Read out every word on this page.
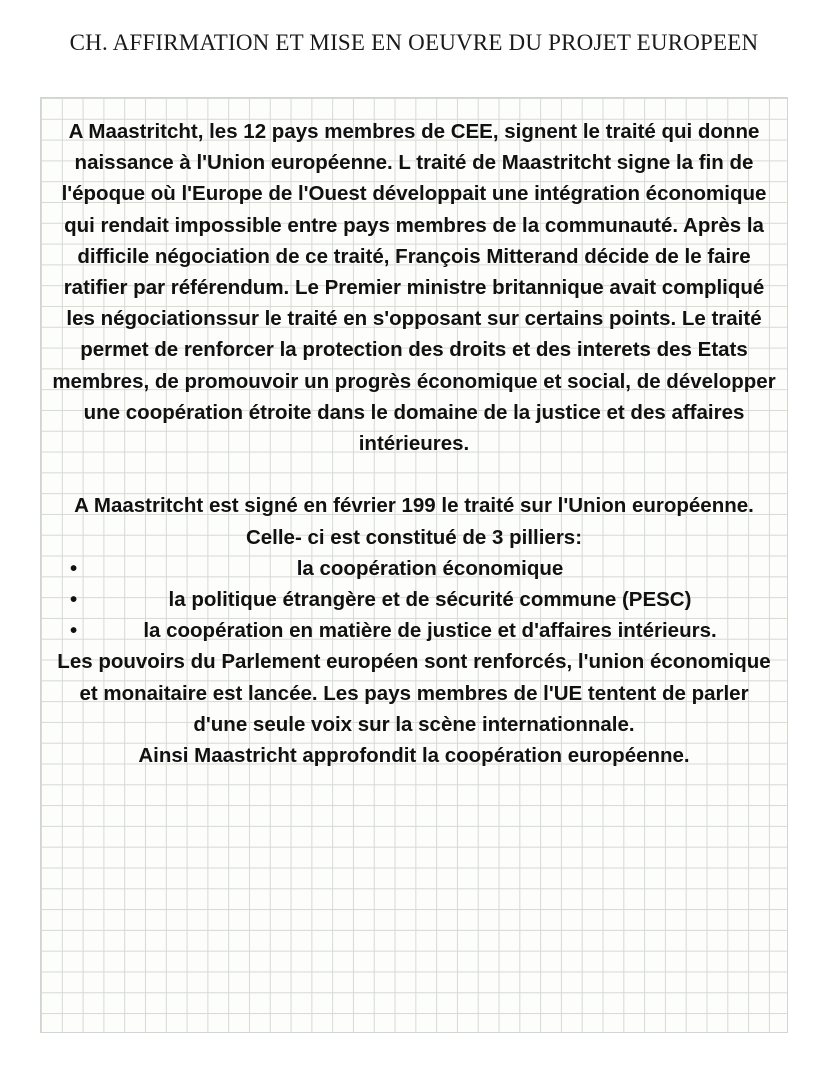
CH. AFFIRMATION ET MISE EN OEUVRE DU PROJET EUROPEEN

A Maastritcht, les 12 pays membres de CEE, signent le traité qui donne naissance à l'Union européenne. L traité de Maastritcht signe la fin de l'époque où l'Europe de l'Ouest développait une intégration économique qui rendait impossible entre pays membres de la communauté. Après la difficile négociation de ce traité, François Mitterand décide de le faire ratifier par référendum. Le Premier ministre britannique avait compliqué les négociationssur le traité en s'opposant sur certains points. Le traité permet de renforcer la protection des droits et des interets des Etats membres, de promouvoir un progrès économique et social, de développer une coopération étroite dans le domaine de la justice et des affaires intérieures.

A Maastritcht est signé en février 199 le traité sur l'Union européenne. Celle- ci est constitué de 3 pilliers:

•	la coopération économique
•	la politique étrangère et de sécurité commune (PESC)
•	la coopération en matière de justice et d'affaires intérieurs.

Les pouvoirs du Parlement européen sont renforcés, l'union économique et monaitaire est lancée. Les pays membres de l'UE tentent de parler d'une seule voix sur la scène internationnale.

Ainsi Maastricht approfondit la coopération européenne.
